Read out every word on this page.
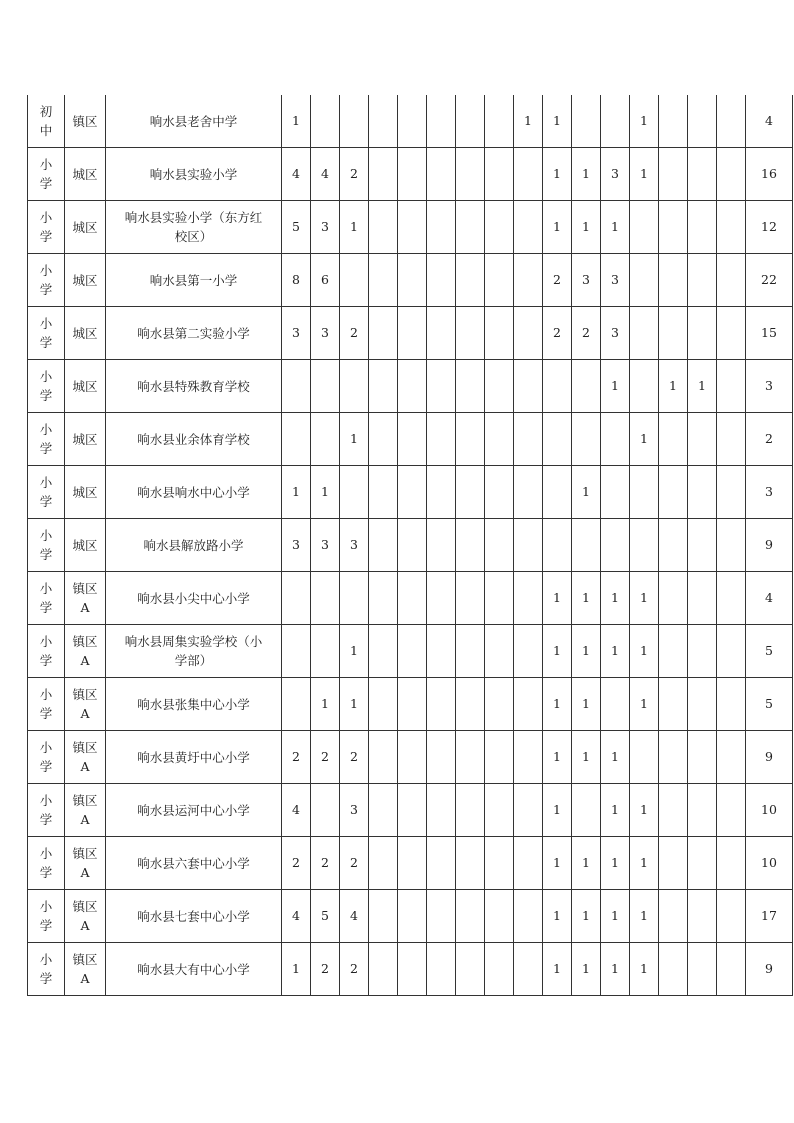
初
中	镇区	响水县老舍中学	1								1	1			1				4
小
学	城区	响水县实验小学	4	4	2							1	1	3	1				16
小
学	城区	响水县实验小学（东方红
校区）	5	3	1							1	1	1					12
小
学	城区	响水县第一小学	8	6								2	3	3					22
小
学	城区	响水县第二实验小学	3	3	2							2	2	3					15
小
学	城区	响水县特殊教育学校												1		1	1		3
小
学	城区	响水县业余体育学校			1										1				2
小
学	城区	响水县响水中心小学	1	1									1						3
小
学	城区	响水县解放路小学	3	3	3														9
小
学	镇区
A	响水县小尖中心小学										1	1	1	1				4
小
学	镇区
A	响水县周集实验学校（小
学部）			1							1	1	1	1				5
小
学	镇区
A	响水县张集中心小学		1	1							1	1		1				5
小
学	镇区
A	响水县黄圩中心小学	2	2	2							1	1	1					9
小
学	镇区
A	响水县运河中心小学	4		3							1		1	1				10
小
学	镇区
A	响水县六套中心小学	2	2	2							1	1	1	1				10
小
学	镇区
A	响水县七套中心小学	4	5	4							1	1	1	1				17
小
学	镇区
A	响水县大有中心小学	1	2	2							1	1	1	1				9
